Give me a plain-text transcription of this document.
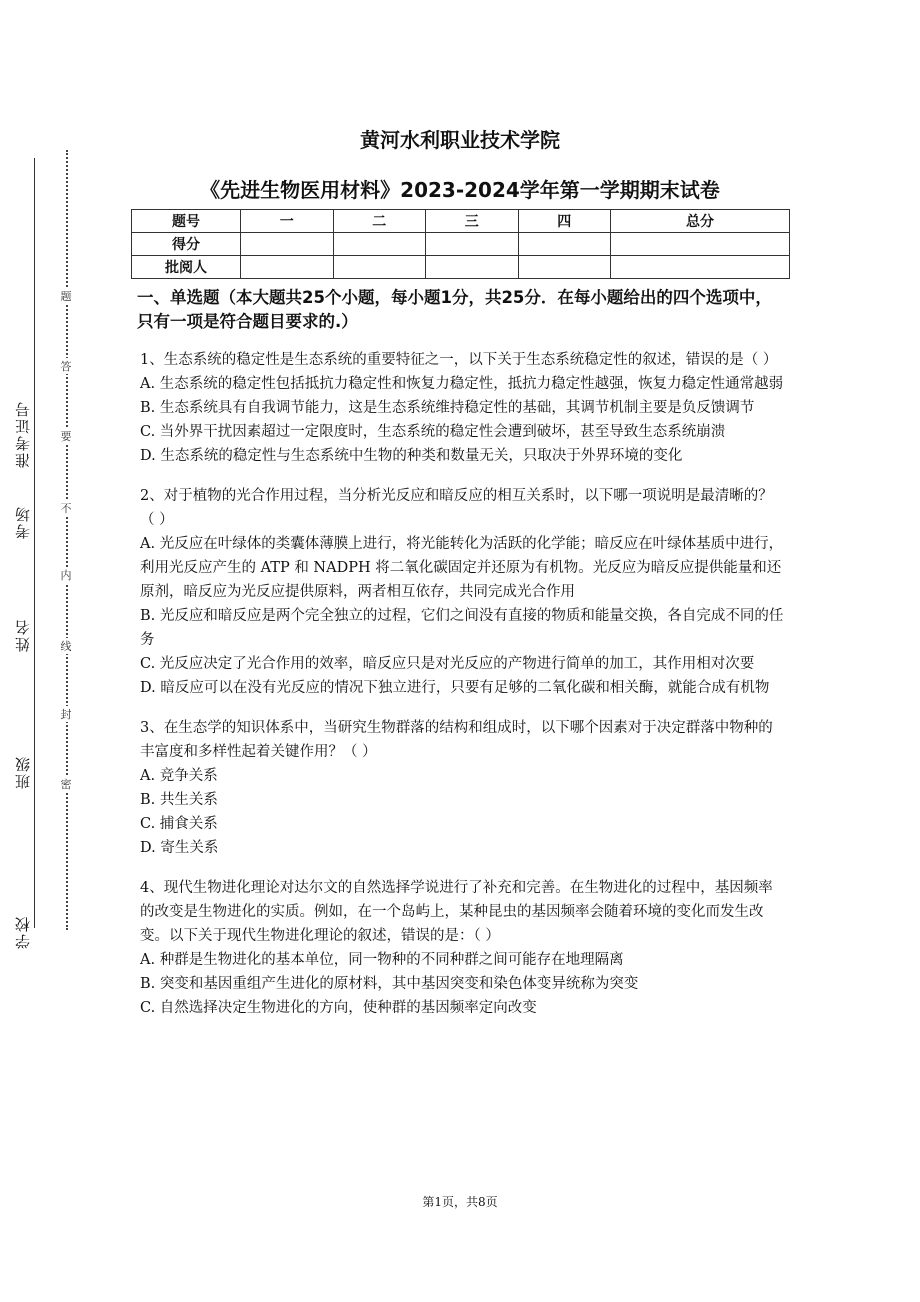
准考证号
考场
姓名
班级
学校
题
答
要
不
内
线
封
密
黄河水利职业技术学院
《先进生物医用材料》2023-2024学年第一学期期末试卷
题号	一	二	三	四	总分
得分					
批阅人					
一、单选题（本大题共25个小题，每小题1分，共25分．在每小题给出的四个选项中，只有一项是符合题目要求的.）

1、生态系统的稳定性是生态系统的重要特征之一，以下关于生态系统稳定性的叙述，错误的是（ ）

A. 生态系统的稳定性包括抵抗力稳定性和恢复力稳定性，抵抗力稳定性越强，恢复力稳定性通常越弱

B. 生态系统具有自我调节能力，这是生态系统维持稳定性的基础，其调节机制主要是负反馈调节

C. 当外界干扰因素超过一定限度时，生态系统的稳定性会遭到破坏，甚至导致生态系统崩溃

D. 生态系统的稳定性与生态系统中生物的种类和数量无关，只取决于外界环境的变化

2、对于植物的光合作用过程，当分析光反应和暗反应的相互关系时，以下哪一项说明是最清晰的？（ ）

A. 光反应在叶绿体的类囊体薄膜上进行，将光能转化为活跃的化学能；暗反应在叶绿体基质中进行，利用光反应产生的 ATP 和 NADPH 将二氧化碳固定并还原为有机物。光反应为暗反应提供能量和还原剂，暗反应为光反应提供原料，两者相互依存，共同完成光合作用

B. 光反应和暗反应是两个完全独立的过程，它们之间没有直接的物质和能量交换，各自完成不同的任务

C. 光反应决定了光合作用的效率，暗反应只是对光反应的产物进行简单的加工，其作用相对次要

D. 暗反应可以在没有光反应的情况下独立进行，只要有足够的二氧化碳和相关酶，就能合成有机物

3、在生态学的知识体系中，当研究生物群落的结构和组成时，以下哪个因素对于决定群落中物种的丰富度和多样性起着关键作用？（ ）

A. 竞争关系

B. 共生关系

C. 捕食关系

D. 寄生关系

4、现代生物进化理论对达尔文的自然选择学说进行了补充和完善。在生物进化的过程中，基因频率的改变是生物进化的实质。例如，在一个岛屿上，某种昆虫的基因频率会随着环境的变化而发生改变。以下关于现代生物进化理论的叙述，错误的是：（ ）

A. 种群是生物进化的基本单位，同一物种的不同种群之间可能存在地理隔离

B. 突变和基因重组产生进化的原材料，其中基因突变和染色体变异统称为突变

C. 自然选择决定生物进化的方向，使种群的基因频率定向改变

第1页，共8页
